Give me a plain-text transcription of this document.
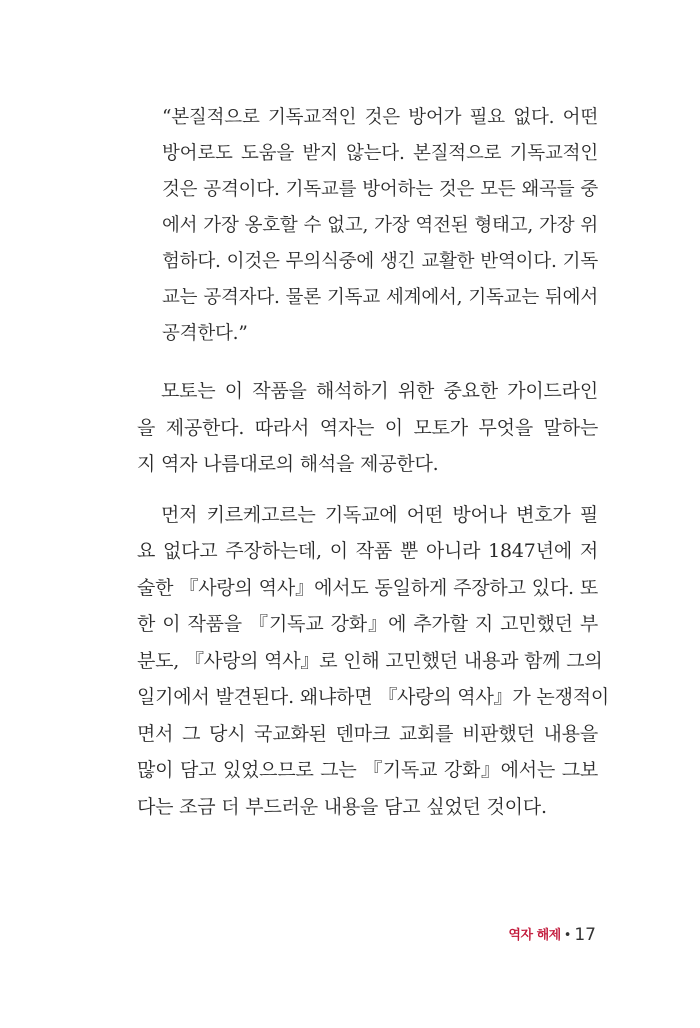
“본질적으로 기독교적인 것은 방어가 필요 없다. 어떤
방어로도 도움을 받지 않는다. 본질적으로 기독교적인
것은 공격이다. 기독교를 방어하는 것은 모든 왜곡들 중
에서 가장 옹호할 수 없고, 가장 역전된 형태고, 가장 위
험하다. 이것은 무의식중에 생긴 교활한 반역이다. 기독
교는 공격자다. 물론 기독교 세계에서, 기독교는 뒤에서
공격한다.”
모토는 이 작품을 해석하기 위한 중요한 가이드라인
을 제공한다. 따라서 역자는 이 모토가 무엇을 말하는
지 역자 나름대로의 해석을 제공한다.
먼저 키르케고르는 기독교에 어떤 방어나 변호가 필
요 없다고 주장하는데, 이 작품 뿐 아니라 1847년에 저
술한 『사랑의 역사』에서도 동일하게 주장하고 있다. 또
한 이 작품을 『기독교 강화』에 추가할 지 고민했던 부
분도, 『사랑의 역사』로 인해 고민했던 내용과 함께 그의
일기에서 발견된다. 왜냐하면 『사랑의 역사』가 논쟁적이
면서 그 당시 국교화된 덴마크 교회를 비판했던 내용을
많이 담고 있었으므로 그는 『기독교 강화』에서는 그보
다는 조금 더 부드러운 내용을 담고 싶었던 것이다.
역자 해제 • 17
